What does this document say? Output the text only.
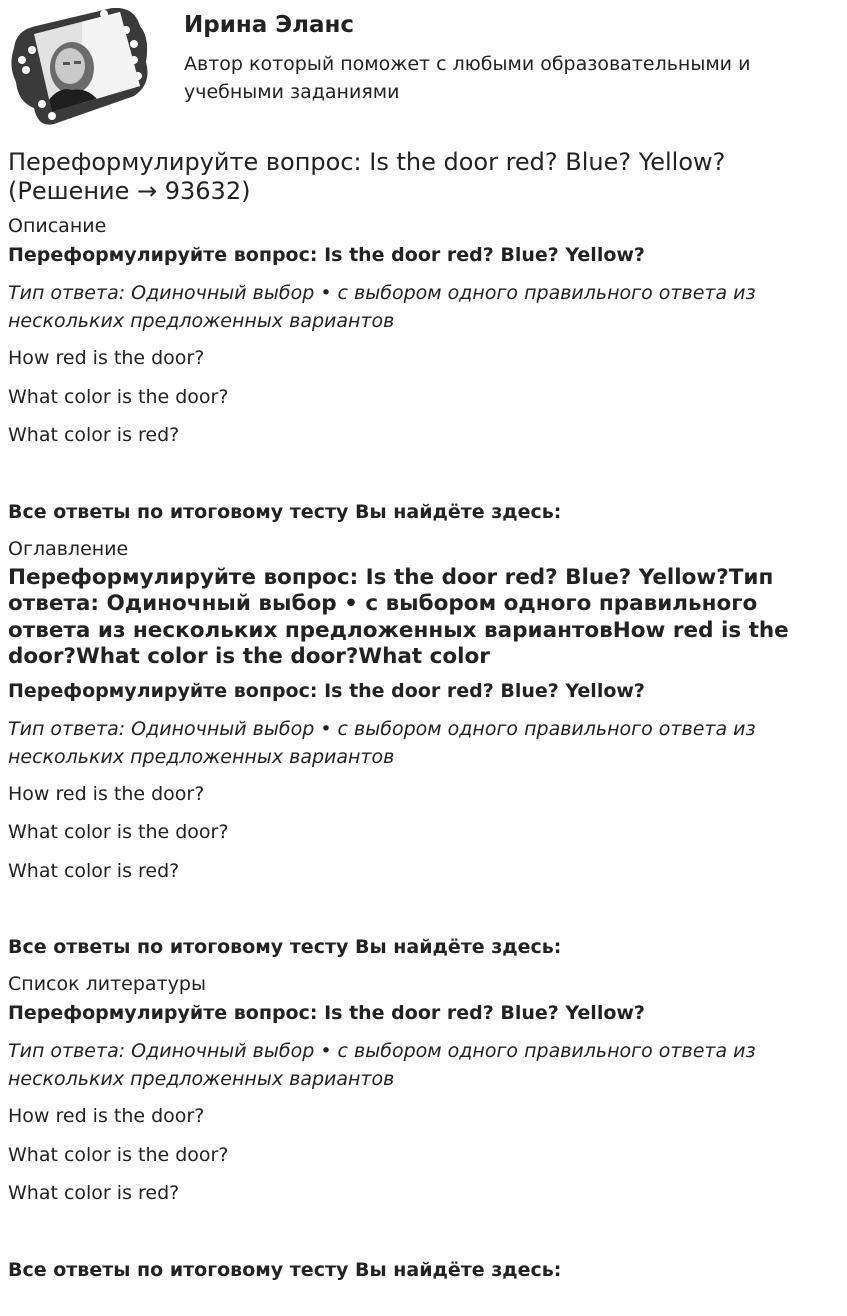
Ирина Эланс

Автор который поможет с любыми образовательными и учебными заданиями

Переформулируйте вопрос: Is the door red? Blue? Yellow? (Решение → 93632)
Описание
Переформулируйте вопрос: Is the door red? Blue? Yellow?
Тип ответа: Одиночный выбор • с выбором одного правильного ответа из нескольких предложенных вариантов
How red is the door?
What color is the door?
What color is red?
Все ответы по итоговому тесту Вы найдёте здесь:
Оглавление
Переформулируйте вопрос: Is the door red? Blue? Yellow?Тип ответа: Одиночный выбор • с выбором одного правильного ответа из нескольких предложенных вариантовHow red is the door?What color is the door?What color
Переформулируйте вопрос: Is the door red? Blue? Yellow?
Тип ответа: Одиночный выбор • с выбором одного правильного ответа из нескольких предложенных вариантов
How red is the door?
What color is the door?
What color is red?
Все ответы по итоговому тесту Вы найдёте здесь:
Список литературы
Переформулируйте вопрос: Is the door red? Blue? Yellow?
Тип ответа: Одиночный выбор • с выбором одного правильного ответа из нескольких предложенных вариантов
How red is the door?
What color is the door?
What color is red?
Все ответы по итоговому тесту Вы найдёте здесь:
